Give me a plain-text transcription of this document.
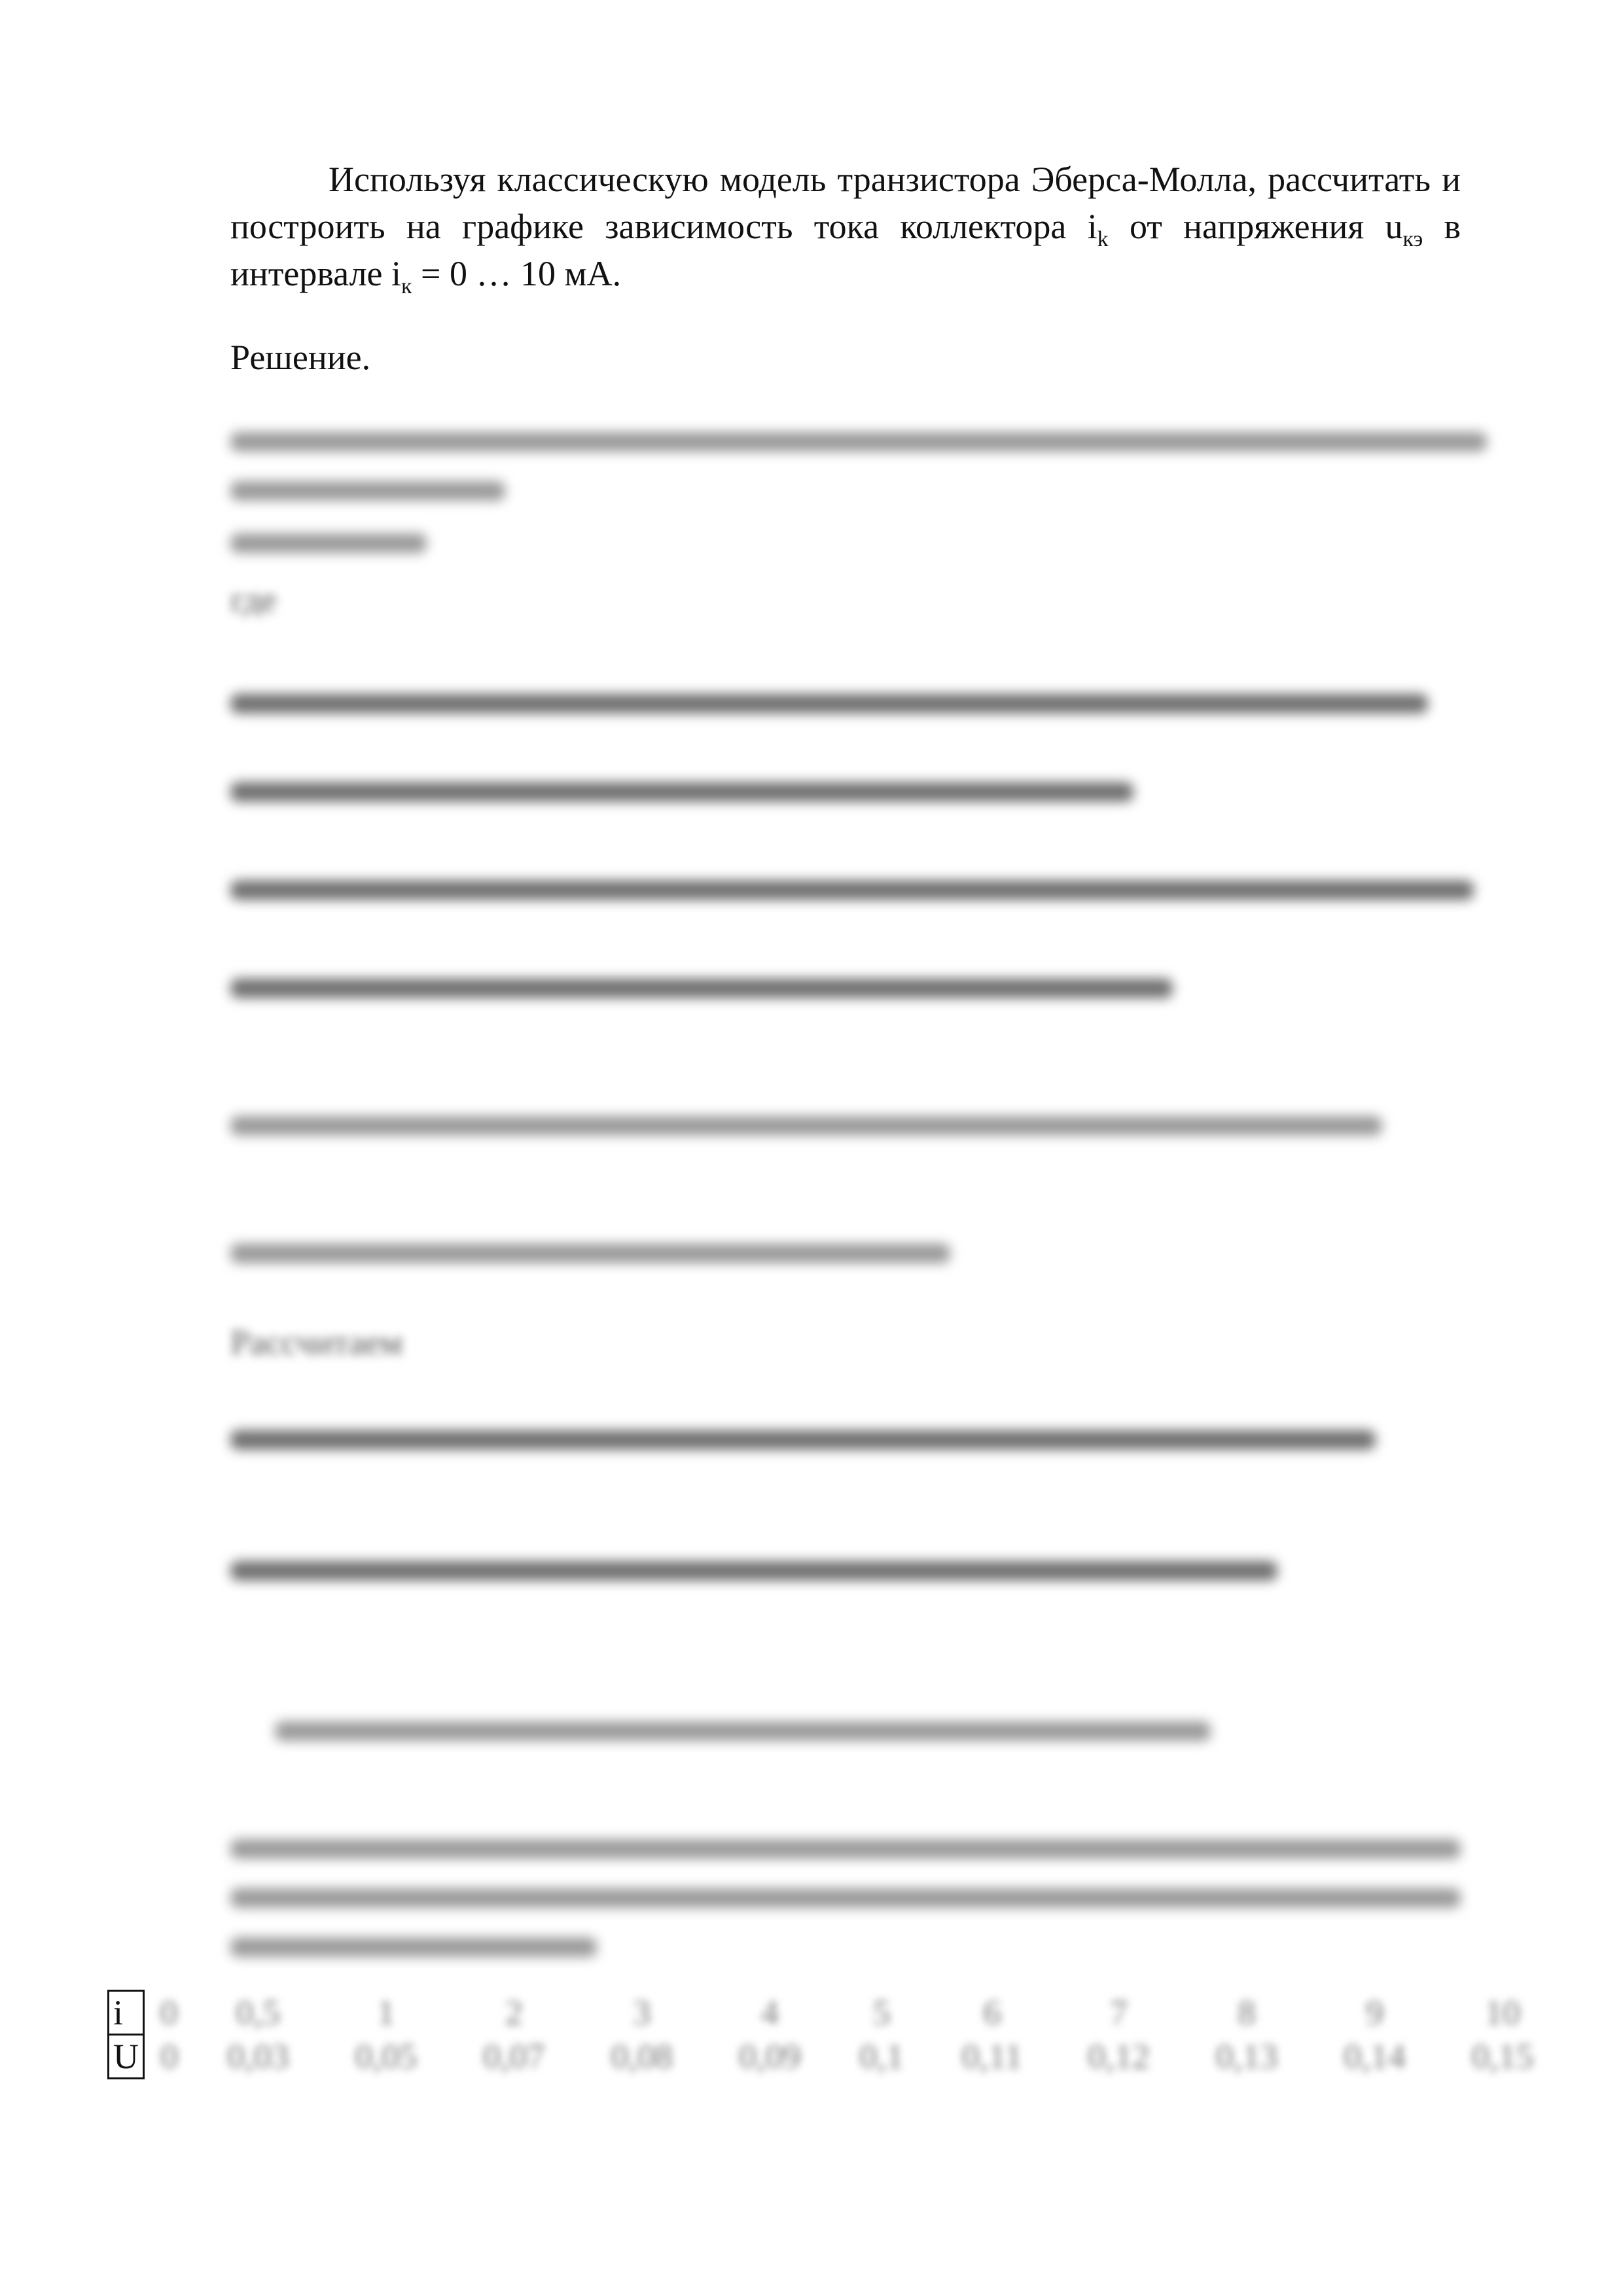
Используя классическую модель транзистора Эберса-Молла, рассчитать и построить на графике зависимость тока коллектора $i_k$ от напряжения $u_{кэ}$ в интервале $i_к = 0$ … 10 мА.

Решение.
где
Рассчитаем
i	0	0,5	1	2	3	4	5	6	7	8	9	10
U	0	0,03	0,05	0,07	0,08	0,09	0,1	0,11	0,12	0,13	0,14	0,15
